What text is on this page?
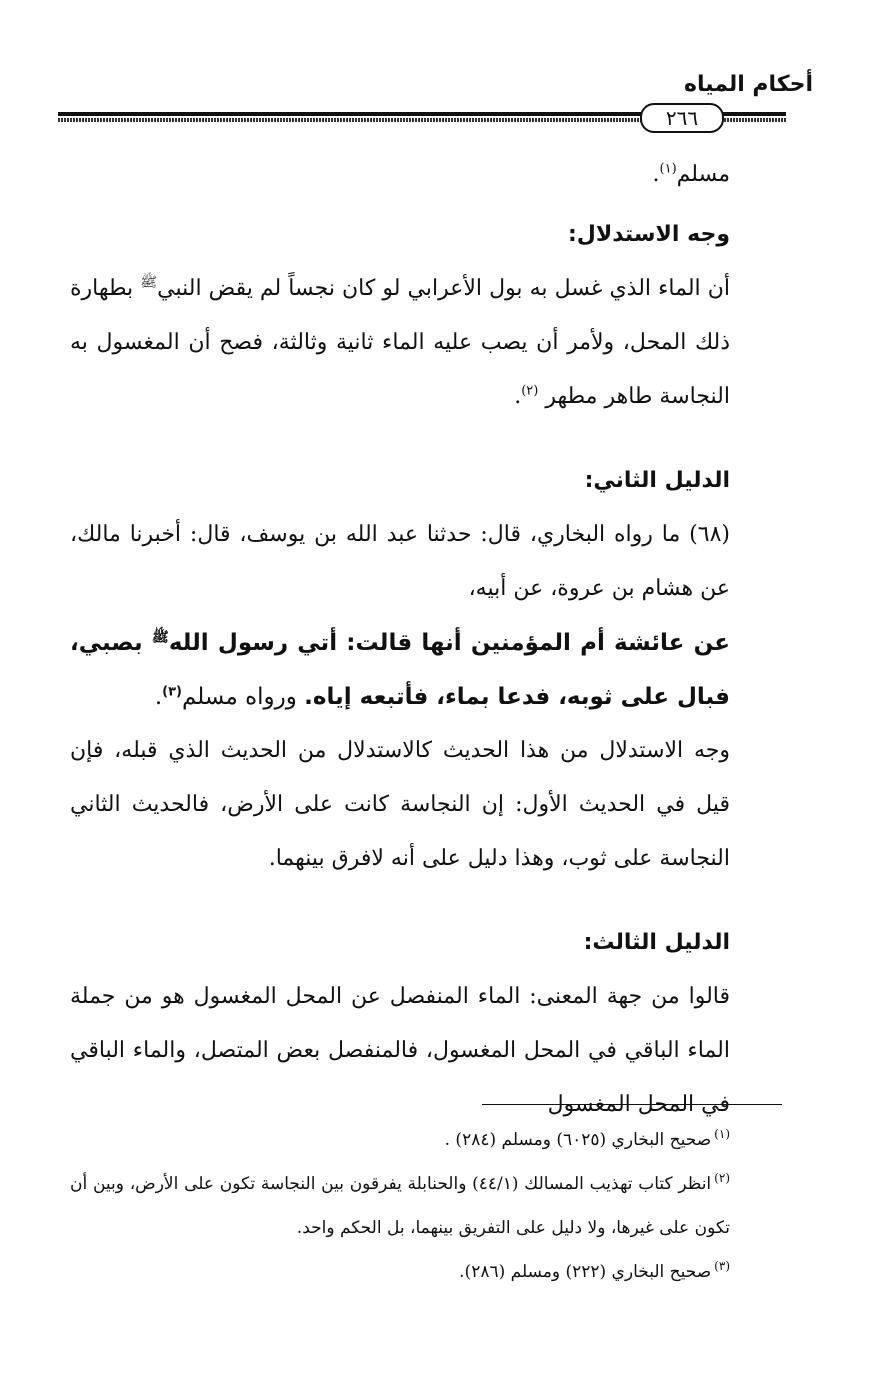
أحكام المياه
٢٦٦

مسلم$^{(١)}$.

وجه الاستدلال:

أن الماء الذي غسل به بول الأعرابي لو كان نجساً لم يقض النبي$^ﷺ$ بطهارة ذلك المحل، ولأمر أن يصب عليه الماء ثانية وثالثة، فصح أن المغسول به النجاسة طاهر مطهر $^{(٢)}$.

الدليل الثاني:

(٦٨) ما رواه البخاري، قال: حدثنا عبد الله بن يوسف، قال: أخبرنا مالك، عن هشام بن عروة، عن أبيه،

عن عائشة أم المؤمنين أنها قالت: أتي رسول الله$^ﷺ$ بصبي، فبال على ثوبه، فدعا بماء، فأتبعه إياه. ورواه مسلم$^{(٣)}$.

وجه الاستدلال من هذا الحديث كالاستدلال من الحديث الذي قبله، فإن قيل في الحديث الأول: إن النجاسة كانت على الأرض، فالحديث الثاني النجاسة على ثوب، وهذا دليل على أنه لافرق بينهما.

الدليل الثالث:

قالوا من جهة المعنى: الماء المنفصل عن المحل المغسول هو من جملة الماء الباقي في المحل المغسول، فالمنفصل بعض المتصل، والماء الباقي في المحل المغسول

$^{(١)}$صحيح البخاري (٦٠٢٥) ومسلم (٢٨٤) .

$^{(٢)}$انظر كتاب تهذيب المسالك (٤٤/١) والحنابلة يفرقون بين النجاسة تكون على الأرض، وبين أن تكون على غيرها، ولا دليل على التفريق بينهما، بل الحكم واحد.

$^{(٣)}$صحيح البخاري (٢٢٢) ومسلم (٢٨٦).
